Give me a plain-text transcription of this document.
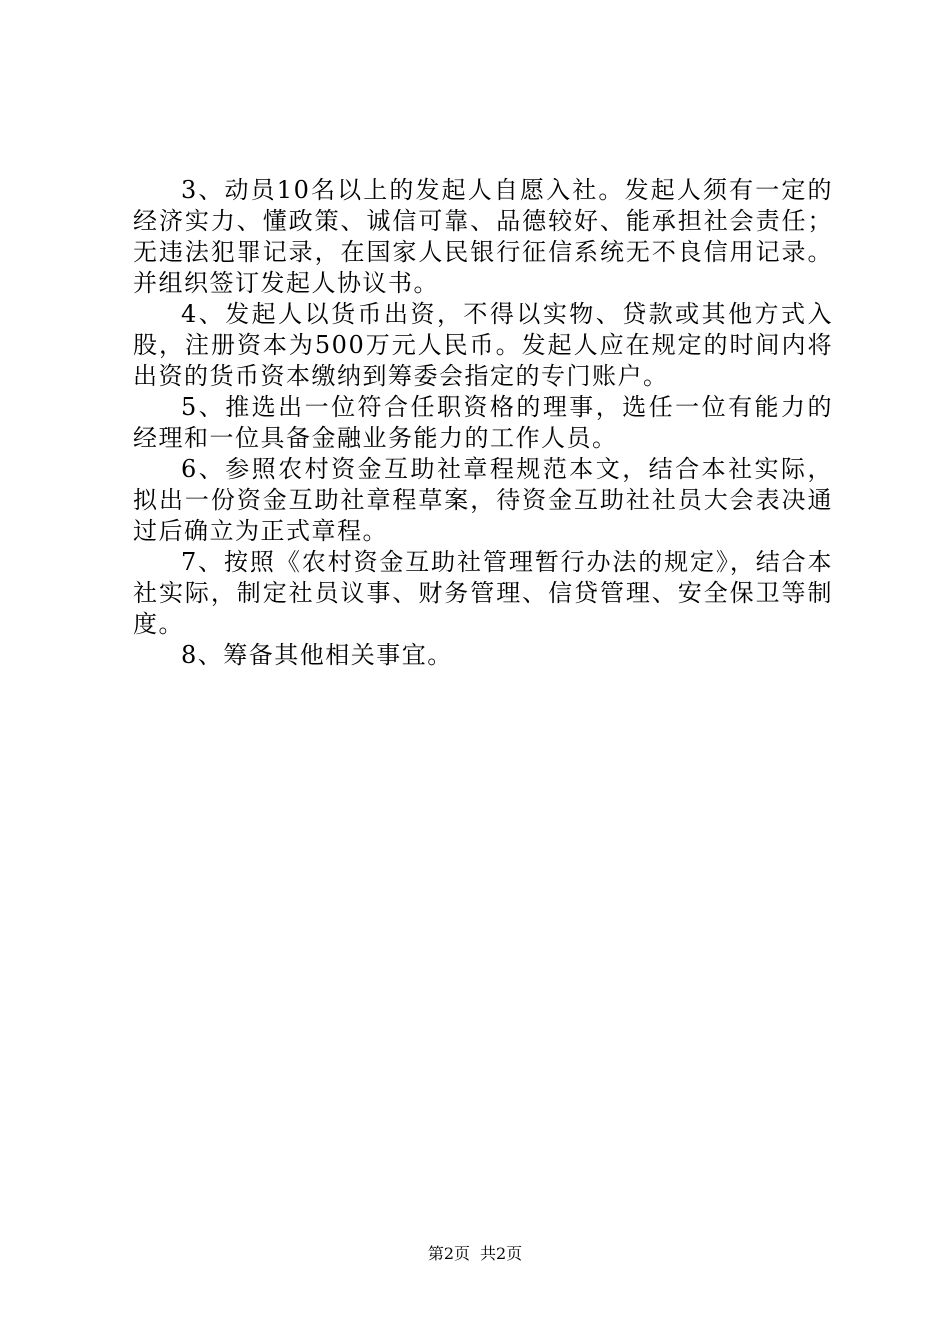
3、动员10名以上的发起人自愿入社。发起人须有一定的经济实力、懂政策、诚信可靠、品德较好、能承担社会责任；无违法犯罪记录，在国家人民银行征信系统无不良信用记录。并组织签订发起人协议书。

4、发起人以货币出资，不得以实物、贷款或其他方式入股，注册资本为500万元人民币。发起人应在规定的时间内将出资的货币资本缴纳到筹委会指定的专门账户。

5、推选出一位符合任职资格的理事，选任一位有能力的经理和一位具备金融业务能力的工作人员。

6、参照农村资金互助社章程规范本文，结合本社实际，拟出一份资金互助社章程草案，待资金互助社社员大会表决通过后确立为正式章程。

7、按照《农村资金互助社管理暂行办法的规定》，结合本社实际，制定社员议事、财务管理、信贷管理、安全保卫等制度。

8、筹备其他相关事宜。

第2页 共2页
